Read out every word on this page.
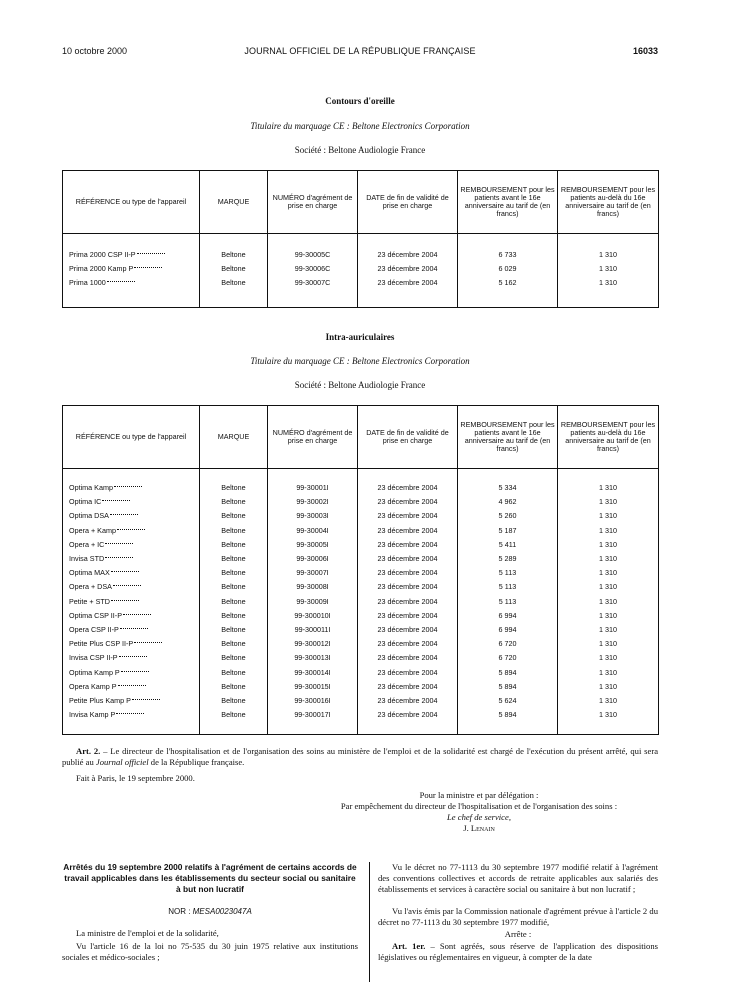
10 octobre 2000	JOURNAL OFFICIEL DE LA RÉPUBLIQUE FRANÇAISE	16033
Contours d'oreille
Titulaire du marquage CE : Beltone Electronics Corporation
Société : Beltone Audiologie France
RÉFÉRENCE ou type de l'appareil	MARQUE	NUMÉRO d'agrément de prise en charge	DATE de fin de validité de prise en charge	REMBOURSEMENT pour les patients avant le 16e anniversaire au tarif de (en francs)	REMBOURSEMENT pour les patients au-delà du 16e anniversaire au tarif de (en francs)

Prima 2000 CSP II-P	Beltone	99-30005C	23 décembre 2004	6 733	1 310
Prima 2000 Kamp P	Beltone	99-30006C	23 décembre 2004	6 029	1 310
Prima 1000	Beltone	99-30007C	23 décembre 2004	5 162	1 310

Intra-auriculaires
Titulaire du marquage CE : Beltone Electronics Corporation
Société : Beltone Audiologie France
RÉFÉRENCE ou type de l'appareil	MARQUE	NUMÉRO d'agrément de prise en charge	DATE de fin de validité de prise en charge	REMBOURSEMENT pour les patients avant le 16e anniversaire au tarif de (en francs)	REMBOURSEMENT pour les patients au-delà du 16e anniversaire au tarif de (en francs)

Optima Kamp	Beltone	99-30001I	23 décembre 2004	5 334	1 310
Optima IC	Beltone	99-30002I	23 décembre 2004	4 962	1 310
Optima DSA	Beltone	99-30003I	23 décembre 2004	5 260	1 310
Opera + Kamp	Beltone	99-30004I	23 décembre 2004	5 187	1 310
Opera + IC	Beltone	99-30005I	23 décembre 2004	5 411	1 310
Invisa STD	Beltone	99-30006I	23 décembre 2004	5 289	1 310
Optima MAX	Beltone	99-30007I	23 décembre 2004	5 113	1 310
Opera + DSA	Beltone	99-30008I	23 décembre 2004	5 113	1 310
Petite + STD	Beltone	99-30009I	23 décembre 2004	5 113	1 310
Optima CSP II-P	Beltone	99-300010I	23 décembre 2004	6 994	1 310
Opera CSP II-P	Beltone	99-300011I	23 décembre 2004	6 994	1 310
Petite Plus CSP II-P	Beltone	99-300012I	23 décembre 2004	6 720	1 310
Invisa CSP II-P	Beltone	99-300013I	23 décembre 2004	6 720	1 310
Optima Kamp P	Beltone	99-300014I	23 décembre 2004	5 894	1 310
Opera Kamp P	Beltone	99-300015I	23 décembre 2004	5 894	1 310
Petite Plus Kamp P	Beltone	99-300016I	23 décembre 2004	5 624	1 310
Invisa Kamp P	Beltone	99-300017I	23 décembre 2004	5 894	1 310

Art. 2. – Le directeur de l'hospitalisation et de l'organisation des soins au ministère de l'emploi et de la solidarité est chargé de l'exécution du présent arrêté, qui sera publié au Journal officiel de la République française.
Fait à Paris, le 19 septembre 2000.
Pour la ministre et par délégation :
Par empêchement du directeur de l'hospitalisation et de l'organisation des soins :
Le chef de service,
J. Lenain
Arrêtés du 19 septembre 2000 relatifs à l'agrément de certains accords de travail applicables dans les établissements du secteur social ou sanitaire à but non lucratif
NOR : MESA0023047A
La ministre de l'emploi et de la solidarité,
Vu l'article 16 de la loi no 75-535 du 30 juin 1975 relative aux institutions sociales et médico-sociales ;
Vu le décret no 77-1113 du 30 septembre 1977 modifié relatif à l'agrément des conventions collectives et accords de retraite applicables aux salariés des établissements et services à caractère social ou sanitaire à but non lucratif ;
Vu l'avis émis par la Commission nationale d'agrément prévue à l'article 2 du décret no 77-1113 du 30 septembre 1977 modifié,
Arrête :
Art. 1er. – Sont agréés, sous réserve de l'application des dispositions législatives ou réglementaires en vigueur, à compter de la date
